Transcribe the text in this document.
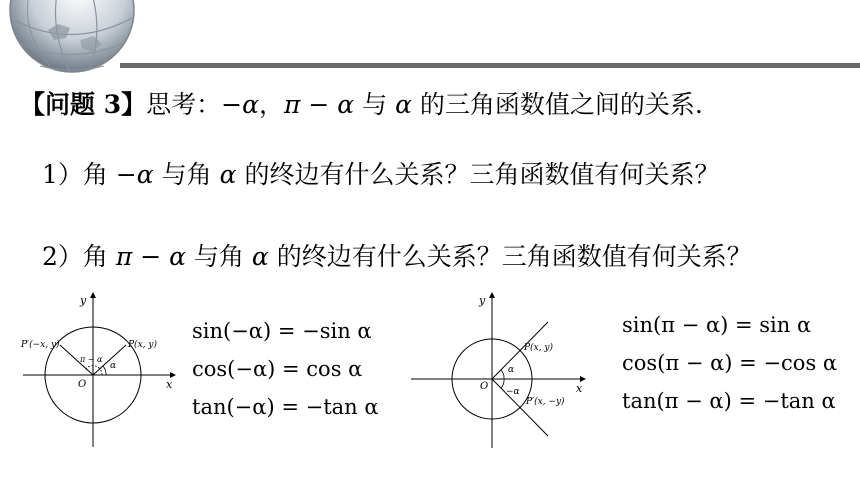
【问题 3】思考：−α，π − α 与 α 的三角函数值之间的关系.
1）角 −α 与角 α 的终边有什么关系？三角函数值有何关系？
2）角 π − α 与角 α 的终边有什么关系？三角函数值有何关系？
y
x
O
P(x, y)
P′(−x, y)
π − α
α
sin(−α) = −sin α
cos(−α) = cos α
tan(−α) = −tan α
y
x
O
P(x, y)
P′(x, −y)
α
−α
sin(π − α) = sin α
cos(π − α) = −cos α
tan(π − α) = −tan α
